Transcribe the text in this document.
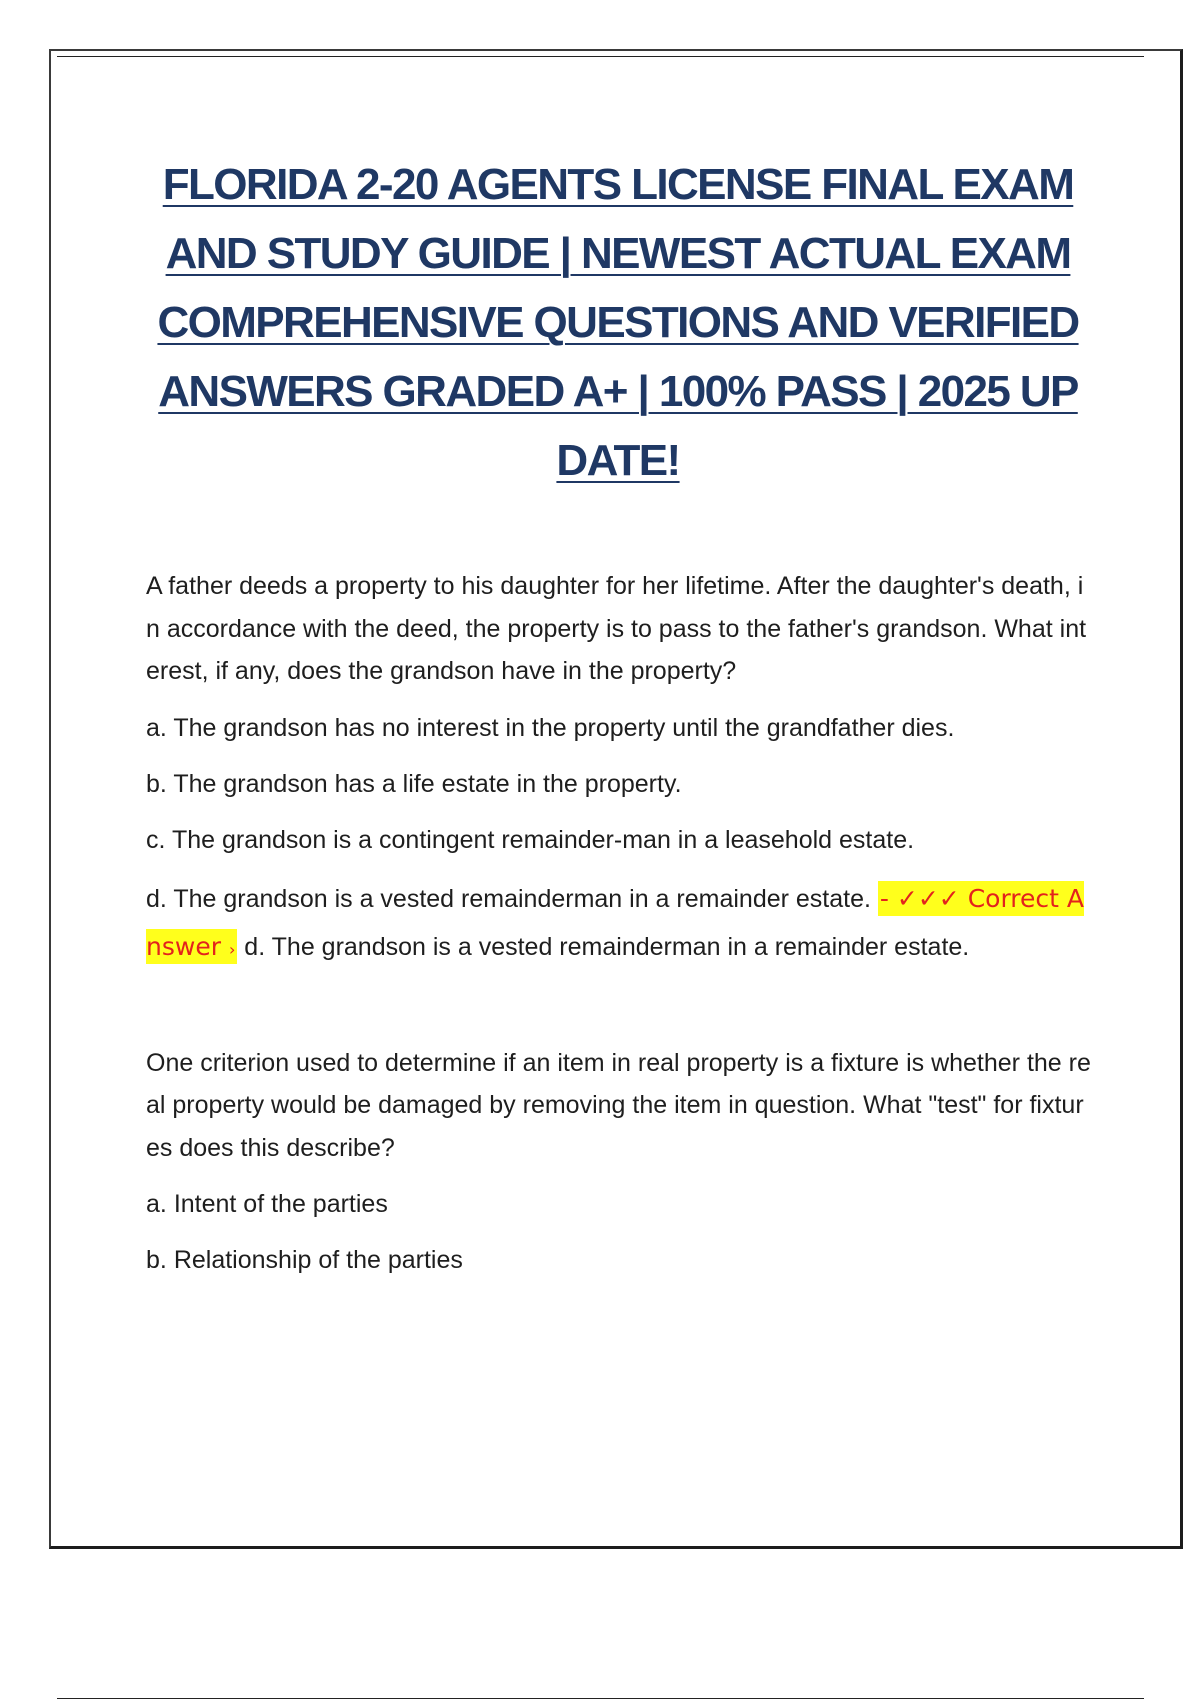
FLORIDA 2-20 AGENTS LICENSE FINAL EXAM AND STUDY GUIDE | NEWEST ACTUAL EXAM COMPREHENSIVE QUESTIONS AND VERIFIED ANSWERS GRADED A+ | 100% PASS | 2025 UPDATE!

A father deeds a property to his daughter for her lifetime. After the daughter's death, in accordance with the deed, the property is to pass to the father's grandson. What interest, if any, does the grandson have in the property?

a. The grandson has no interest in the property until the grandfather dies.

b. The grandson has a life estate in the property.

c. The grandson is a contingent remainder-man in a leasehold estate.

d. The grandson is a vested remainderman in a remainder estate. - ✓✓✓ Correct Answer › d. The grandson is a vested remainderman in a remainder estate.

One criterion used to determine if an item in real property is a fixture is whether the real property would be damaged by removing the item in question. What "test" for fixtures does this describe?

a. Intent of the parties

b. Relationship of the parties
